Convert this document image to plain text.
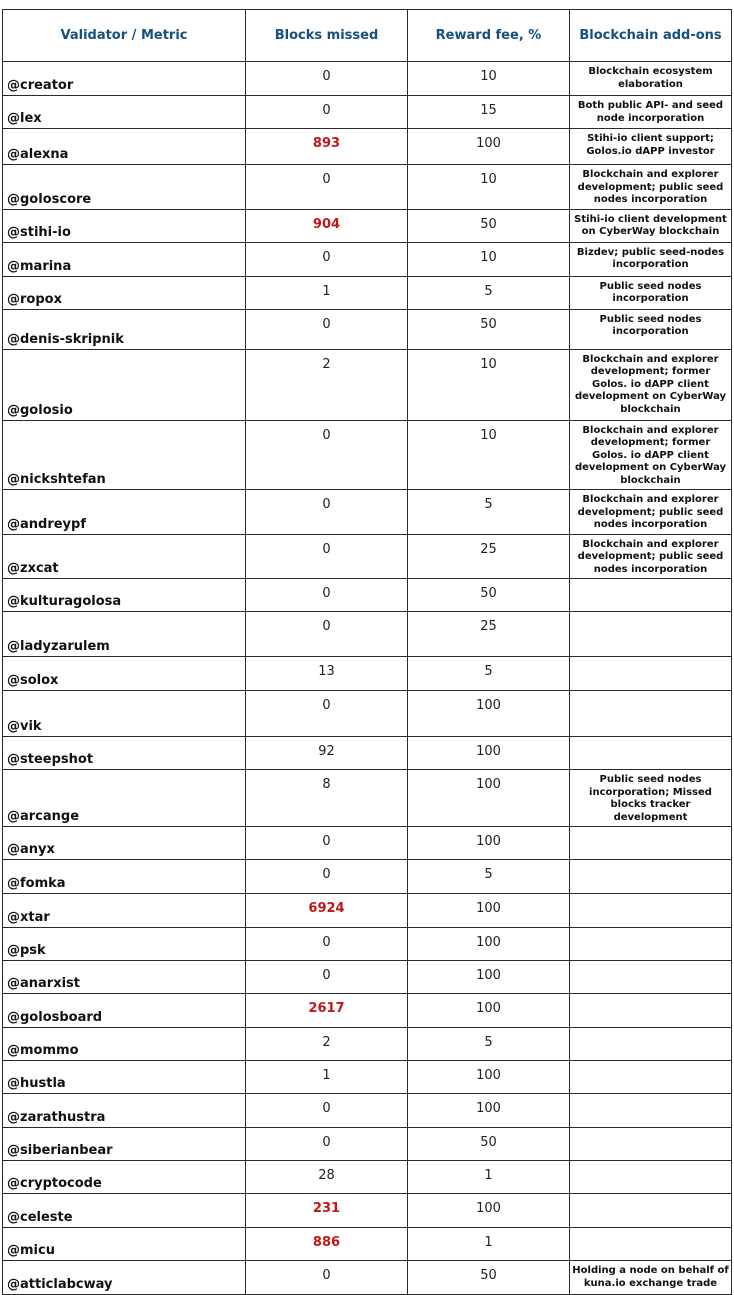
Validator / Metric	Blocks missed	Reward fee, %	Blockchain add-ons
@creator	0	10	Blockchain ecosystem elaboration
@lex	0	15	Both public API- and seed node incorporation
@alexna	893	100	Stihi-io client support; Golos.io dAPP investor
@goloscore	0	10	Blockchain and explorer development; public seed nodes incorporation
@stihi-io	904	50	Stihi-io client development on CyberWay blockchain
@marina	0	10	Bizdev; public seed-nodes incorporation
@ropox	1	5	Public seed nodes incorporation
@denis-skripnik	0	50	Public seed nodes incorporation
@golosio	2	10	Blockchain and explorer development; former Golos. io dAPP client development on CyberWay blockchain
@nickshtefan	0	10	Blockchain and explorer development; former Golos. io dAPP client development on CyberWay blockchain
@andreypf	0	5	Blockchain and explorer development; public seed nodes incorporation
@zxcat	0	25	Blockchain and explorer development; public seed nodes incorporation
@kulturagolosa	0	50	
@ladyzarulem	0	25	
@solox	13	5	
@vik	0	100	
@steepshot	92	100	
@arcange	8	100	Public seed nodes incorporation; Missed blocks tracker development
@anyx	0	100	
@fomka	0	5	
@xtar	6924	100	
@psk	0	100	
@anarxist	0	100	
@golosboard	2617	100	
@mommo	2	5	
@hustla	1	100	
@zarathustra	0	100	
@siberianbear	0	50	
@cryptocode	28	1	
@celeste	231	100	
@micu	886	1	
@atticlabcway	0	50	Holding a node on behalf of kuna.io exchange trade
